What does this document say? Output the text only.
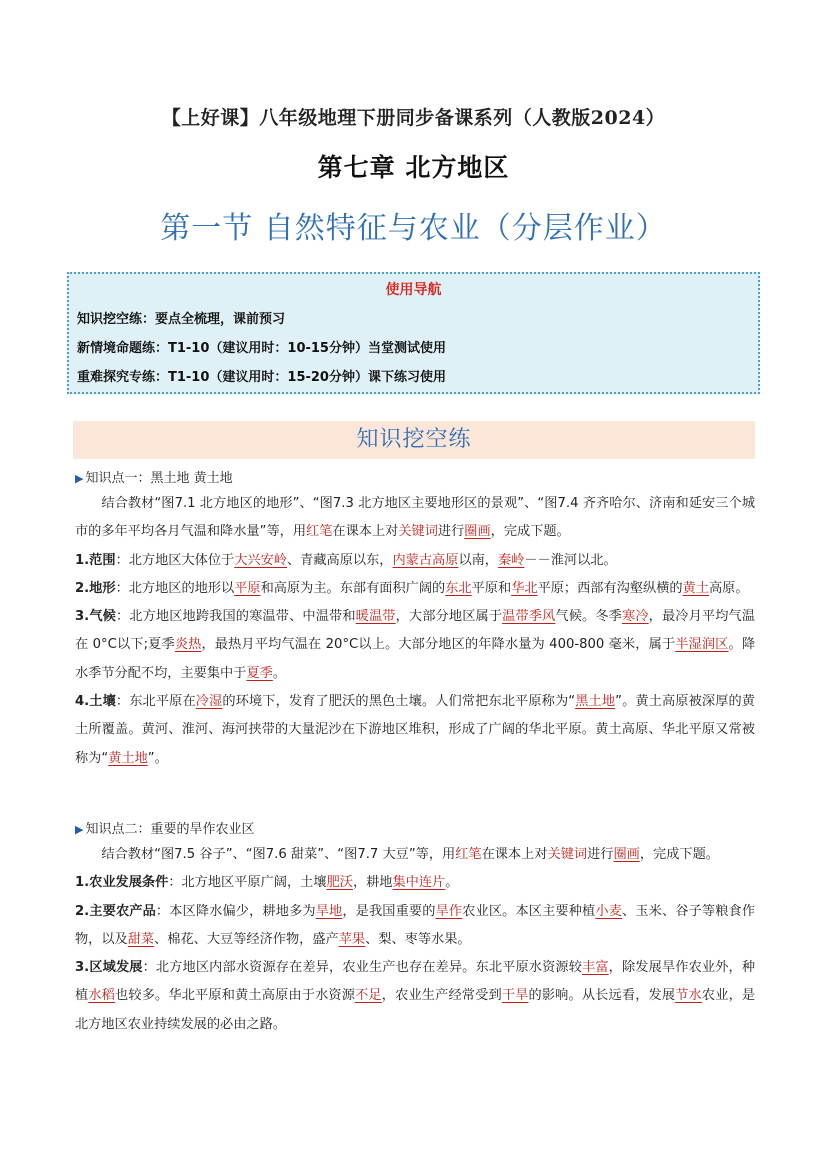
【上好课】八年级地理下册同步备课系列（人教版2024）
第七章 北方地区
第一节 自然特征与农业（分层作业）
使用导航
知识挖空练：要点全梳理，课前预习
新情境命题练：T1-10（建议用时：10-15分钟）当堂测试使用
重难探究专练：T1-10（建议用时：15-20分钟）课下练习使用
知识挖空练
▶ 知识点一：黑土地 黄土地

结合教材“图7.1 北方地区的地形”、“图7.3 北方地区主要地形区的景观”、“图7.4 齐齐哈尔、济南和延安三个城市的多年平均各月气温和降水量”等，用红笔在课本上对关键词进行圈画，完成下题。

1.范围：北方地区大体位于大兴安岭、青藏高原以东，内蒙古高原以南，秦岭－－淮河以北。

2.地形：北方地区的地形以平原和高原为主。东部有面积广阔的东北平原和华北平原；西部有沟壑纵横的黄土高原。

3.气候：北方地区地跨我国的寒温带、中温带和暖温带，大部分地区属于温带季风气候。冬季寒冷，最冷月平均气温在 0°C以下;夏季炎热，最热月平均气温在 20°C以上。大部分地区的年降水量为 400-800 毫米，属于半湿润区。降水季节分配不均，主要集中于夏季。

4.土壤：东北平原在冷湿的环境下，发育了肥沃的黑色土壤。人们常把东北平原称为“黑土地”。黄土高原被深厚的黄土所覆盖。黄河、淮河、海河挟带的大量泥沙在下游地区堆积，形成了广阔的华北平原。黄土高原、华北平原又常被称为“黄土地”。

▶ 知识点二：重要的旱作农业区

结合教材“图7.5 谷子”、“图7.6 甜菜”、“图7.7 大豆”等，用红笔在课本上对关键词进行圈画，完成下题。

1.农业发展条件：北方地区平原广阔，土壤肥沃，耕地集中连片。

2.主要农产品：本区降水偏少，耕地多为旱地，是我国重要的旱作农业区。本区主要种植小麦、玉米、谷子等粮食作物，以及甜菜、棉花、大豆等经济作物，盛产苹果、梨、枣等水果。

3.区域发展：北方地区内部水资源存在差异，农业生产也存在差异。东北平原水资源较丰富，除发展旱作农业外，种植水稻也较多。华北平原和黄土高原由于水资源不足，农业生产经常受到干旱的影响。从长远看，发展节水农业，是北方地区农业持续发展的必由之路。
